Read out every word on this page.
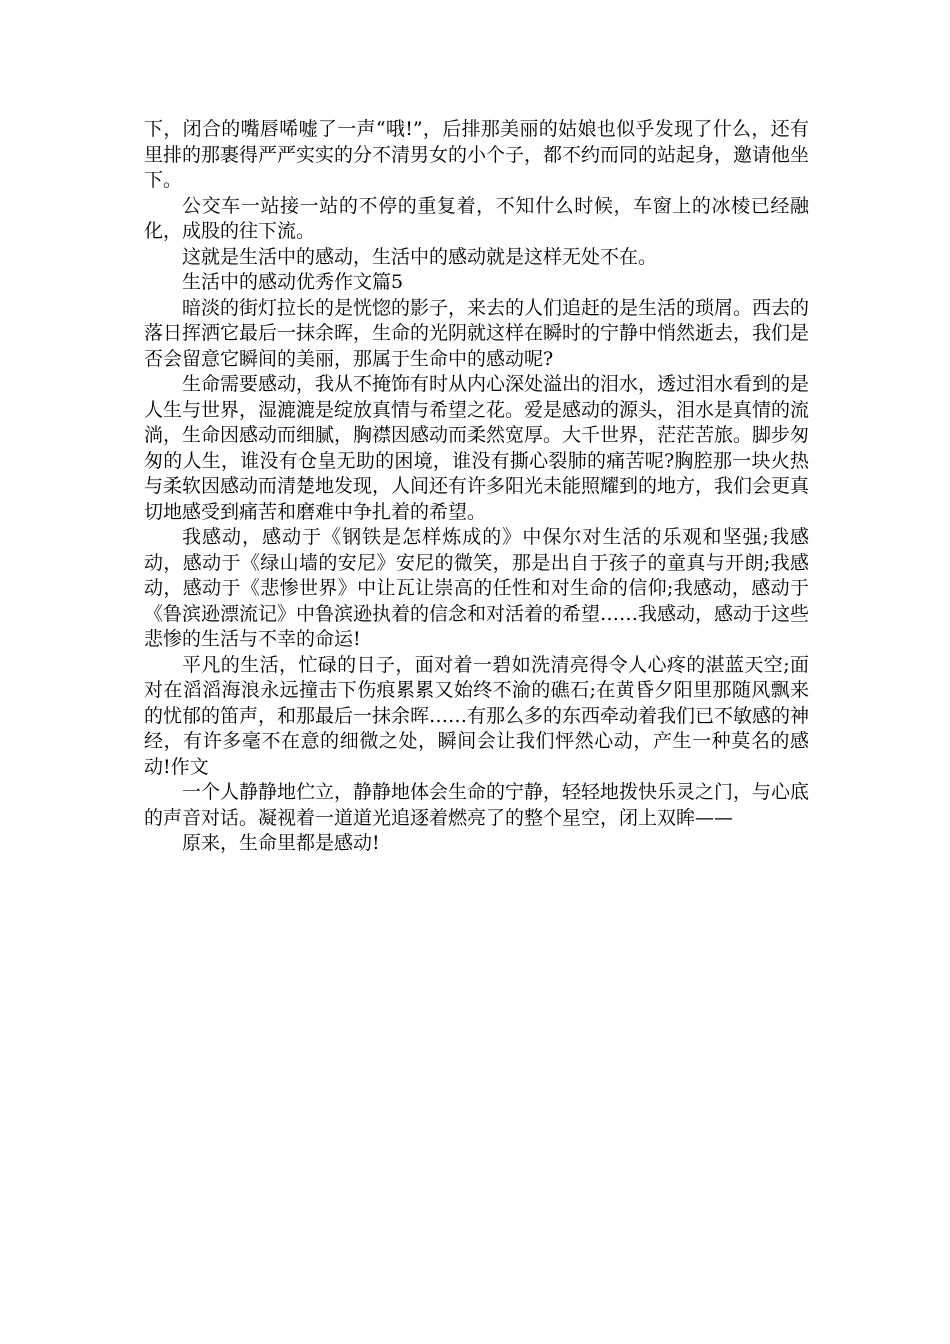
下，闭合的嘴唇唏嘘了一声“哦!”，后排那美丽的姑娘也似乎发现了什么，还有里排的那裹得严严实实的分不清男女的小个子，都不约而同的站起身，邀请他坐下。

公交车一站接一站的不停的重复着，不知什么时候，车窗上的冰棱已经融化，成股的往下流。

这就是生活中的感动，生活中的感动就是这样无处不在。

生活中的感动优秀作文篇5

暗淡的街灯拉长的是恍惚的影子，来去的人们追赶的是生活的琐屑。西去的落日挥洒它最后一抹余晖，生命的光阴就这样在瞬时的宁静中悄然逝去，我们是否会留意它瞬间的美丽，那属于生命中的感动呢?

生命需要感动，我从不掩饰有时从内心深处溢出的泪水，透过泪水看到的是人生与世界，湿漉漉是绽放真情与希望之花。爱是感动的源头，泪水是真情的流淌，生命因感动而细腻，胸襟因感动而柔然宽厚。大千世界，茫茫苦旅。脚步匆匆的人生，谁没有仓皇无助的困境，谁没有撕心裂肺的痛苦呢?胸腔那一块火热与柔软因感动而清楚地发现，人间还有许多阳光未能照耀到的地方，我们会更真切地感受到痛苦和磨难中争扎着的希望。

我感动，感动于《钢铁是怎样炼成的》中保尔对生活的乐观和坚强;我感动，感动于《绿山墙的安尼》安尼的微笑，那是出自于孩子的童真与开朗;我感动，感动于《悲惨世界》中让瓦让崇高的任性和对生命的信仰;我感动，感动于《鲁滨逊漂流记》中鲁滨逊执着的信念和对活着的希望……我感动，感动于这些悲惨的生活与不幸的命运!

平凡的生活，忙碌的日子，面对着一碧如洗清亮得令人心疼的湛蓝天空;面对在滔滔海浪永远撞击下伤痕累累又始终不渝的礁石;在黄昏夕阳里那随风飘来的忧郁的笛声，和那最后一抹余晖……有那么多的东西牵动着我们已不敏感的神经，有许多毫不在意的细微之处，瞬间会让我们怦然心动，产生一种莫名的感动!作文

一个人静静地伫立，静静地体会生命的宁静，轻轻地拨快乐灵之门，与心底的声音对话。凝视着一道道光追逐着燃亮了的整个星空，闭上双眸——

原来，生命里都是感动!
